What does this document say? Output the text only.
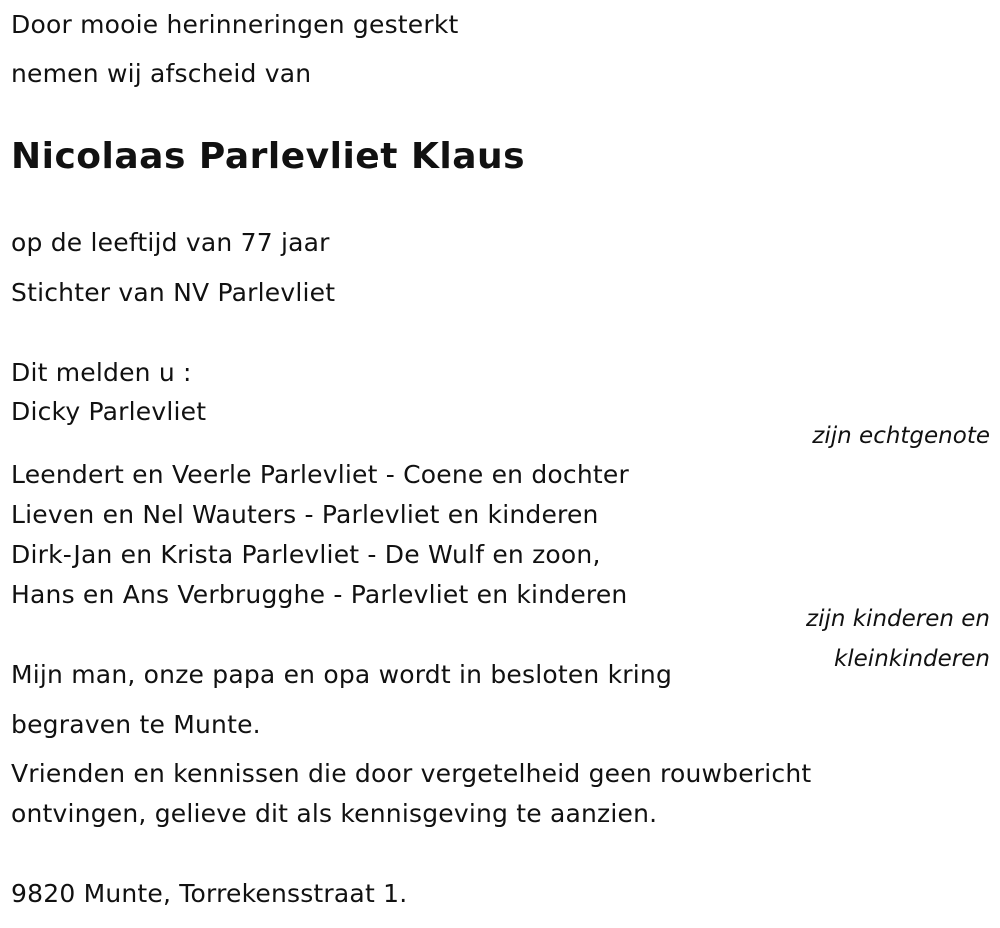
Door mooie herinneringen gesterkt
nemen wij afscheid van
Nicolaas Parlevliet Klaus
op de leeftijd van 77 jaar
Stichter van NV Parlevliet
Dit melden u :
Dicky Parlevliet
zijn echtgenote
Leendert en Veerle Parlevliet - Coene en dochter
Lieven en Nel Wauters - Parlevliet en kinderen
Dirk-Jan en Krista Parlevliet - De Wulf en zoon,
Hans en Ans Verbrugghe - Parlevliet en kinderen
zijn kinderen en
kleinkinderen
Mijn man, onze papa en opa wordt in besloten kring
begraven te Munte.
Vrienden en kennissen die door vergetelheid geen rouwbericht
ontvingen, gelieve dit als kennisgeving te aanzien.
9820 Munte, Torrekensstraat 1.
